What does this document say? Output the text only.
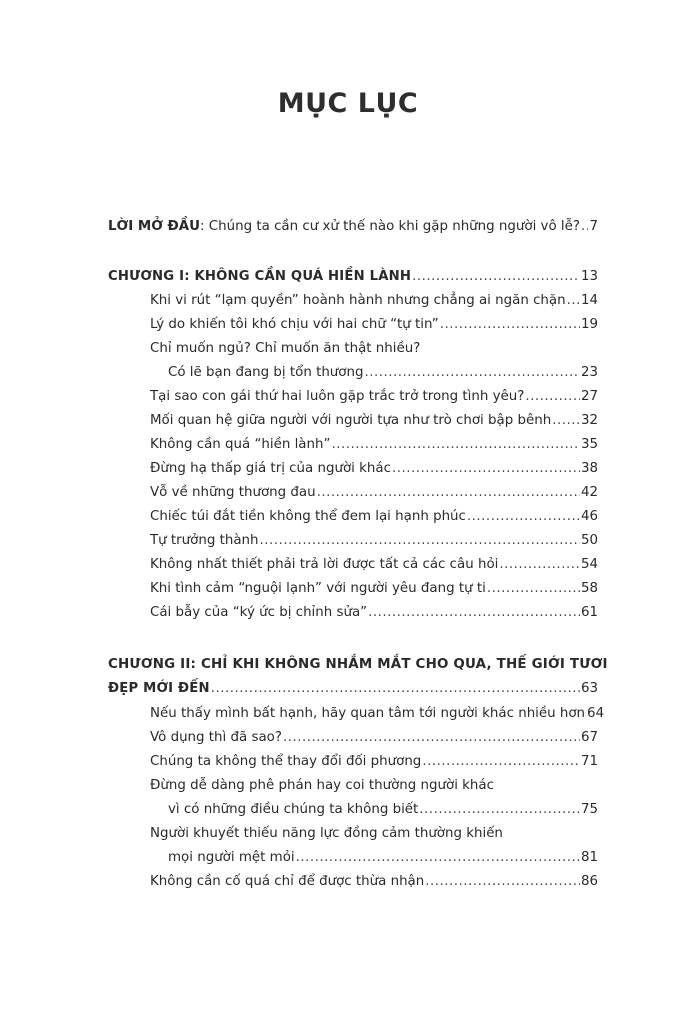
MỤC LỤC
LỜI MỞ ĐẦU: Chúng ta cần cư xử thế nào khi gặp những người vô lễ? ..... 7
CHƯƠNG I: KHÔNG CẦN QUÁ HIỀN LÀNH .....	13
Khi vi rút “lạm quyền” hoành hành nhưng chẳng ai ngăn chặn ..... 14
Lý do khiến tôi khó chịu với hai chữ “tự tin” .....	19
Chỉ muốn ngủ? Chỉ muốn ăn thật nhiều?
Có lẽ bạn đang bị tổn thương .....	23
Tại sao con gái thứ hai luôn gặp trắc trở trong tình yêu? .....	27
Mối quan hệ giữa người với người tựa như trò chơi bập bênh ..... 32
Không cần quá “hiền lành” .....	35
Đừng hạ thấp giá trị của người khác .....	38
Vỗ về những thương đau .....	42
Chiếc túi đắt tiền không thể đem lại hạnh phúc .....	46
Tự trưởng thành .....	50
Không nhất thiết phải trả lời được tất cả các câu hỏi .....	54
Khi tình cảm “nguội lạnh” với người yêu đang tự ti .....	58
Cái bẫy của “ký ức bị chỉnh sửa” .....	61
CHƯƠNG II: CHỈ KHI KHÔNG NHẮM MẮT CHO QUA, THẾ GIỚI TƯƠI
ĐẸP MỚI ĐẾN .....	63
Nếu thấy mình bất hạnh, hãy quan tâm tới người khác nhiều hơn 64
Vô dụng thì đã sao? .....	67
Chúng ta không thể thay đổi đối phương .....	71
Đừng dễ dàng phê phán hay coi thường người khác
vì có những điều chúng ta không biết .....	75
Người khuyết thiếu năng lực đồng cảm thường khiến
mọi người mệt mỏi .....	81
Không cần cố quá chỉ để được thừa nhận .....	86
